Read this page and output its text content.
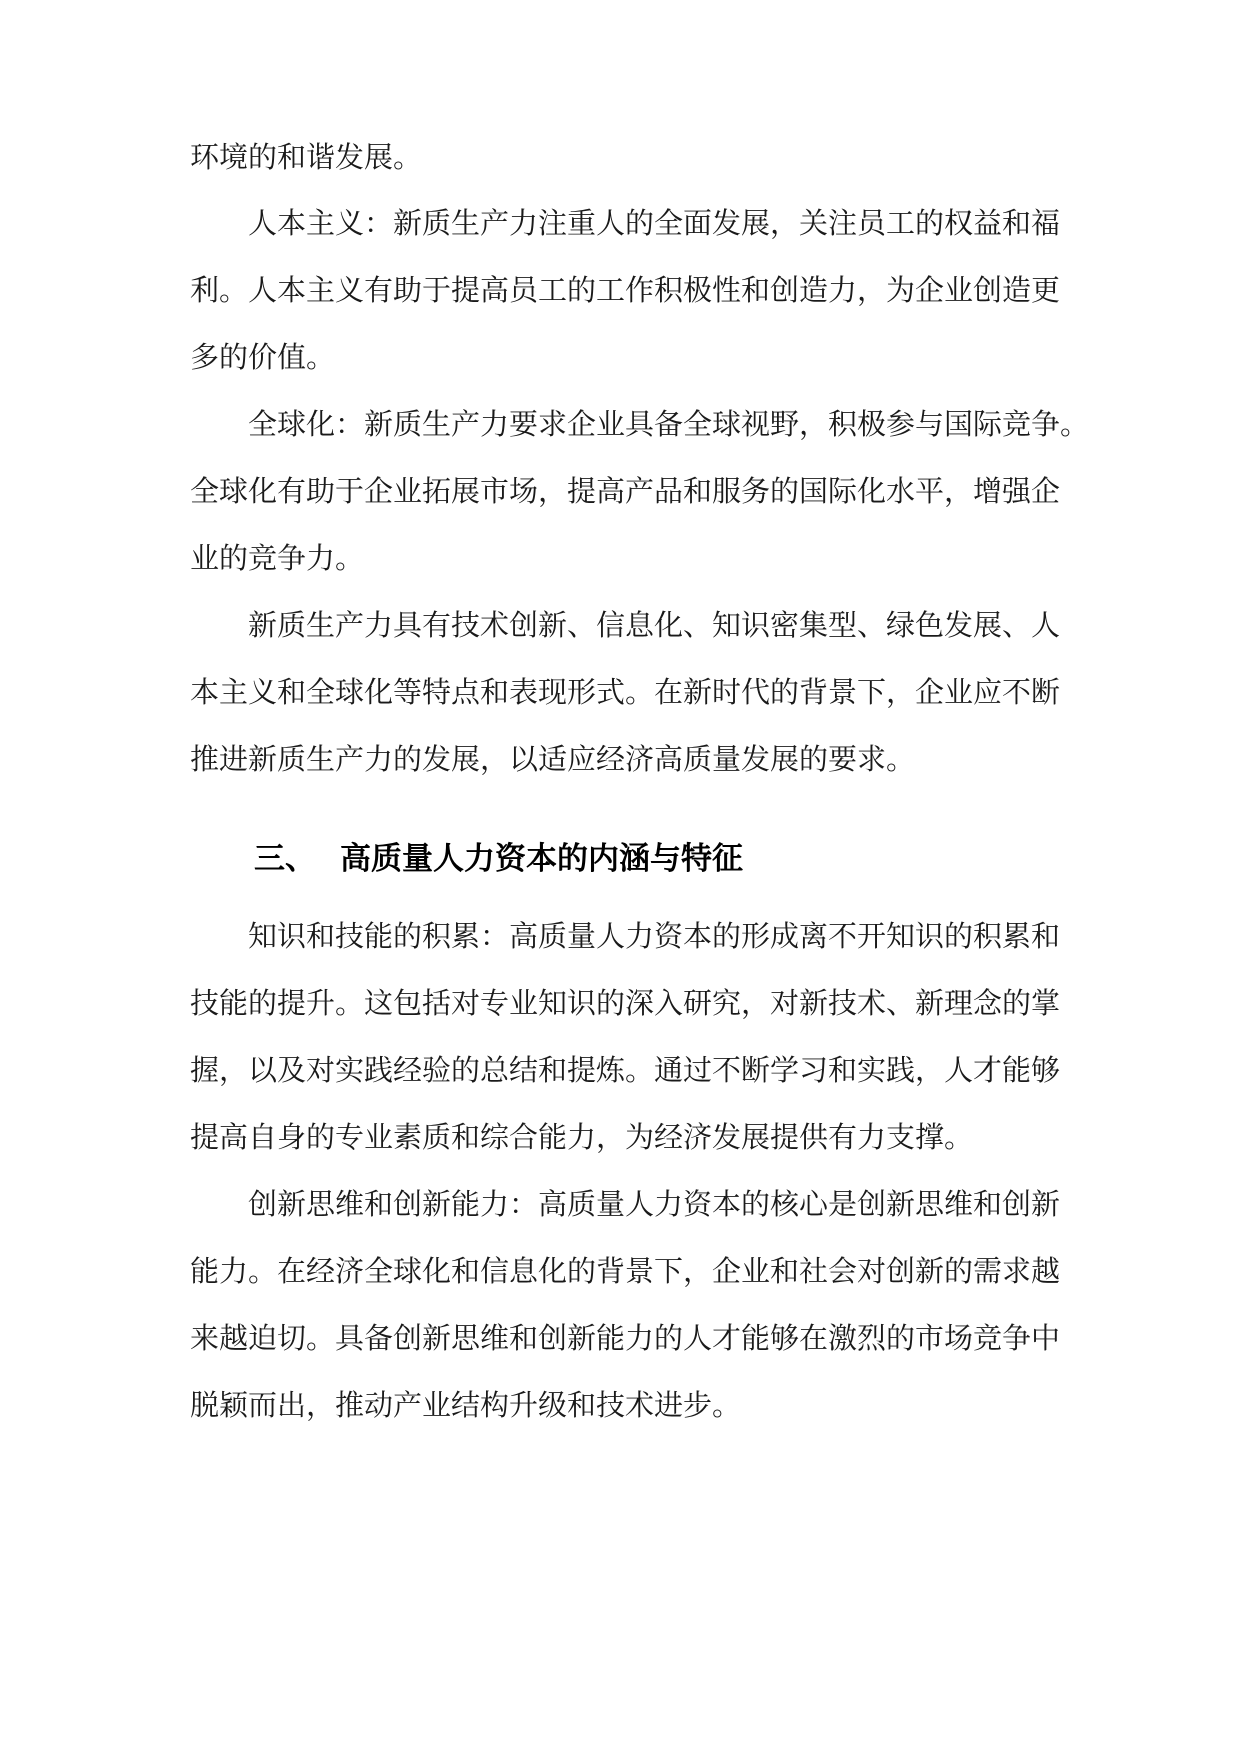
环境的和谐发展。
人本主义：新质生产力注重人的全面发展，关注员工的权益和福
利。人本主义有助于提高员工的工作积极性和创造力，为企业创造更
多的价值。
全球化：新质生产力要求企业具备全球视野，积极参与国际竞争。
全球化有助于企业拓展市场，提高产品和服务的国际化水平，增强企
业的竞争力。
新质生产力具有技术创新、信息化、知识密集型、绿色发展、人
本主义和全球化等特点和表现形式。在新时代的背景下，企业应不断
推进新质生产力的发展，以适应经济高质量发展的要求。
三、 高质量人力资本的内涵与特征
知识和技能的积累：高质量人力资本的形成离不开知识的积累和
技能的提升。这包括对专业知识的深入研究，对新技术、新理念的掌
握，以及对实践经验的总结和提炼。通过不断学习和实践，人才能够
提高自身的专业素质和综合能力，为经济发展提供有力支撑。
创新思维和创新能力：高质量人力资本的核心是创新思维和创新
能力。在经济全球化和信息化的背景下，企业和社会对创新的需求越
来越迫切。具备创新思维和创新能力的人才能够在激烈的市场竞争中
脱颖而出，推动产业结构升级和技术进步。
